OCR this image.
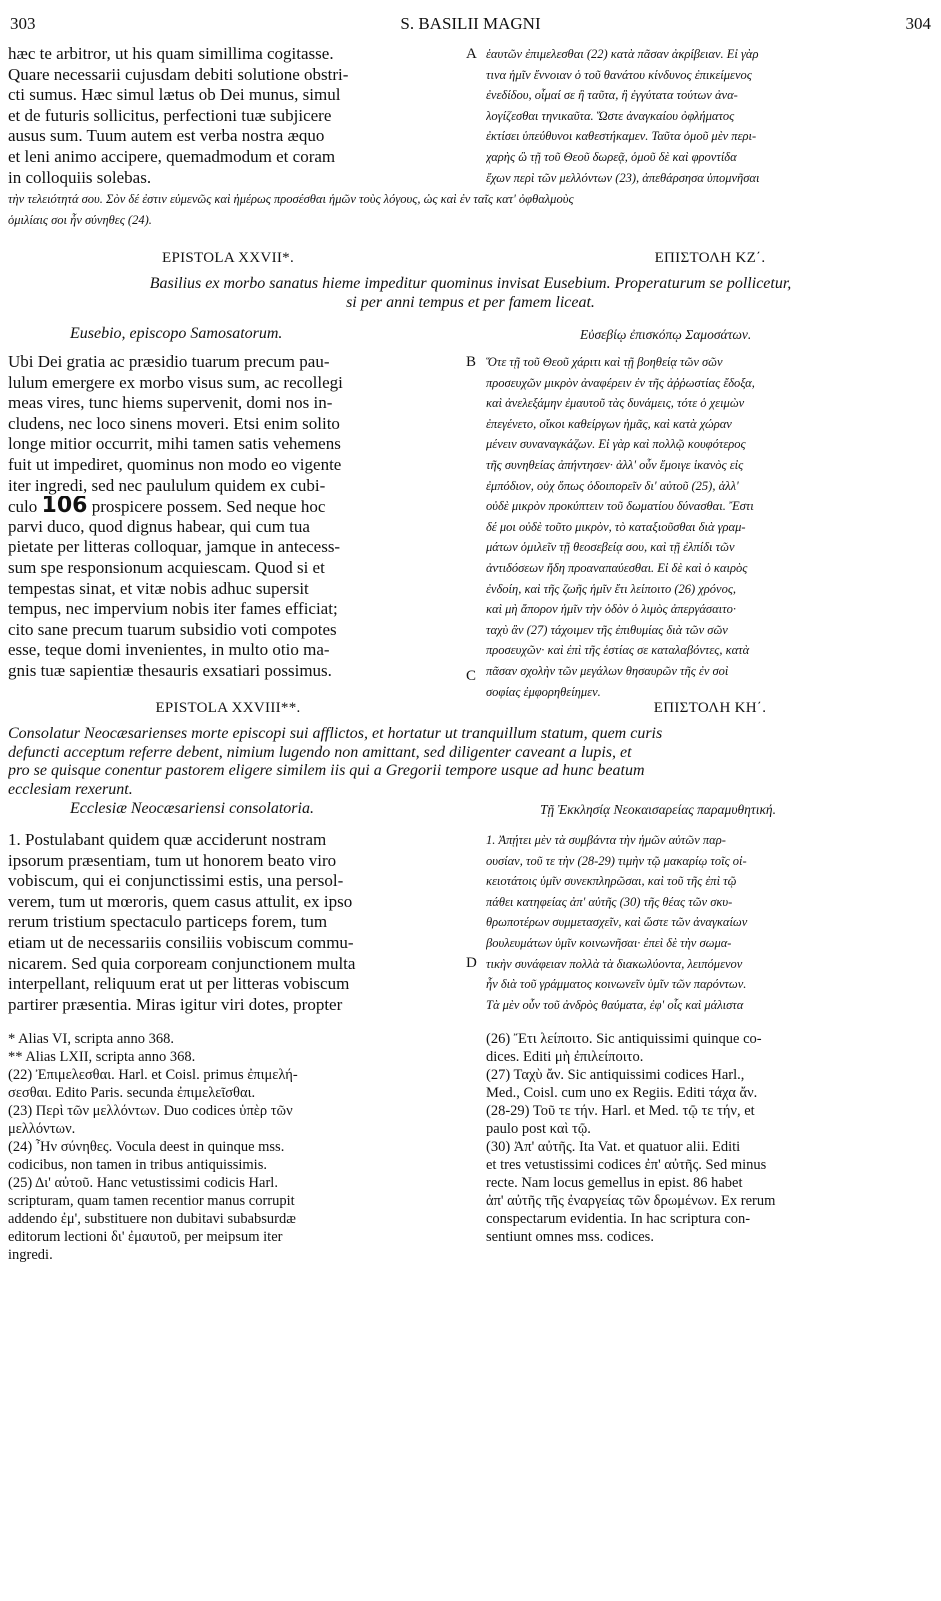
303	S. BASILII MAGNI	304
hæc te arbitror, ut his quam simillima cogitasse.
Quare necessarii cujusdam debiti solutione obstri-
cti sumus. Hæc simul lætus ob Dei munus, simul
et de futuris sollicitus, perfectioni tuæ subjicere
ausus sum. Tuum autem est verba nostra æquo
et leni animo accipere, quemadmodum et coram
in colloquiis solebas.
A ἑαυτῶν ἐπιμελεσθαι (22) κατὰ πᾶσαν ἀκρίβειαν. Εἰ γὰρ
τινα ἡμῖν ἔννοιαν ὁ τοῦ θανάτου κίνδυνος ἐπικείμενος
ἐνεδίδου, οἶμαί σε ἢ ταῦτα, ἢ ἐγγύτατα τούτων ἀνα-
λογίζεσθαι τηνικαῦτα. Ὥστε ἀναγκαίου ὀφλήματος
ἐκτίσει ὑπεύθυνοι καθεστήκαμεν. Ταῦτα ὁμοῦ μὲν περι-
χαρὴς ὢ τῇ τοῦ Θεοῦ δωρεᾷ, ὁμοῦ δὲ καὶ φροντίδα
ἔχων περὶ τῶν μελλόντων (23), ἀπεθάρσησα ὑπομνῆσαι
τὴν τελειότητά σου. Σὸν δέ ἐστιν εὐμενῶς καὶ ἡμέρως προσέσθαι ἡμῶν τοὺς λόγους, ὡς καὶ ἐν ταῖς κατ' ὀφθαλμοὺς
ὁμιλίαις σοι ἦν σύνηθες (24).
EPISTOLA XXVII*.	ΕΠΙΣΤΟΛΗ ΚΖ΄.
Basilius ex morbo sanatus hieme impeditur quominus invisat Eusebium. Properaturum se pollicetur,
si per anni tempus et per famem liceat.
Eusebio, episcopo Samosatorum.	Εὐσεβίῳ ἐπισκόπῳ Σαμοσάτων.
Ubi Dei gratia ac præsidio tuarum precum pau-
lulum emergere ex morbo visus sum, ac recollegi
meas vires, tunc hiems supervenit, domi nos in-
cludens, nec loco sinens moveri. Etsi enim solito
longe mitior occurrit, mihi tamen satis vehemens
fuit ut impediret, quominus non modo eo vigente
iter ingredi, sed nec paululum quidem ex cubi-
culo 106 prospicere possem. Sed neque hoc
parvi duco, quod dignus habear, qui cum tua
pietate per litteras colloquar, jamque in antecess-
sum spe responsionum acquiescam. Quod si et
tempestas sinat, et vitæ nobis adhuc supersit
tempus, nec impervium nobis iter fames efficiat;
cito sane precum tuarum subsidio voti compotes
esse, teque domi invenientes, in multo otio ma-
gnis tuæ sapientiæ thesauris exsatiari possimus.
B
C
Ὅτε τῇ τοῦ Θεοῦ χάριτι καὶ τῇ βοηθείᾳ τῶν σῶν
προσευχῶν μικρὸν ἀναφέρειν ἐν τῆς ἀῤῥωστίας ἔδοξα,
καὶ ἀνελεξάμην ἐμαυτοῦ τὰς δυνάμεις, τότε ὁ χειμὼν
ἐπεγένετο, οἴκοι καθείργων ἡμᾶς, καὶ κατὰ χώραν
μένειν συναναγκάζων. Εἰ γὰρ καὶ πολλῷ κουφότερος
τῆς συνηθείας ἀπήντησεν· ἀλλ' οὖν ἔμοιγε ἱκανὸς εἰς
ἐμπόδιον, οὐχ ὅπως ὁδοιπορεῖν δι' αὐτοῦ (25), ἀλλ'
οὐδὲ μικρὸν προκύπτειν τοῦ δωματίου δύνασθαι. Ἔστι
δέ μοι οὐδὲ τοῦτο μικρὸν, τὸ καταξιοῦσθαι διὰ γραμ-
μάτων ὁμιλεῖν τῇ θεοσεβείᾳ σου, καὶ τῇ ἐλπίδι τῶν
ἀντιδόσεων ἤδη προαναπαύεσθαι. Εἰ δὲ καὶ ὁ καιρὸς
ἐνδοίη, καὶ τῆς ζωῆς ἡμῖν ἔτι λείποιτο (26) χρόνος,
καὶ μὴ ἄπορον ἡμῖν τὴν ὁδὸν ὁ λιμὸς ἀπεργάσαιτο·
ταχὺ ἂν (27) τάχοιμεν τῆς ἐπιθυμίας διὰ τῶν σῶν
προσευχῶν· καὶ ἐπὶ τῆς ἑστίας σε καταλαβόντες, κατὰ
πᾶσαν σχολὴν τῶν μεγάλων θησαυρῶν τῆς ἐν σοὶ
σοφίας ἐμφορηθείημεν.
EPISTOLA XXVIII**.	ΕΠΙΣΤΟΛΗ ΚΗ΄.
Consolatur Neocæsarienses morte episcopi sui afflictos, et hortatur ut tranquillum statum, quem curis
defuncti acceptum referre debent, nimium lugendo non amittant, sed diligenter caveant a lupis, et
pro se quisque conentur pastorem eligere similem iis qui a Gregorii tempore usque ad hunc beatum
ecclesiam rexerunt.
Ecclesiæ Neocæsariensi consolatoria.	Τῇ Ἐκκλησίᾳ Νεοκαισαρείας παραμυθητική.
1. Postulabant quidem quæ acciderunt nostram
ipsorum præsentiam, tum ut honorem beato viro
vobiscum, qui ei conjunctissimi estis, una persol-
verem, tum ut mœroris, quem casus attulit, ex ipso
rerum tristium spectaculo particeps forem, tum
etiam ut de necessariis consiliis vobiscum commu-
nicarem. Sed quia corpoream conjunctionem multa
interpellant, reliquum erat ut per litteras vobiscum
partirer præsentia. Miras igitur viri dotes, propter
D
1. Ἀπῄτει μὲν τὰ συμβάντα τὴν ἡμῶν αὐτῶν παρ-
ουσίαν, τοῦ τε τὴν (28-29) τιμὴν τῷ μακαρίῳ τοῖς οἰ-
κειοτάτοις ὑμῖν συνεκπληρῶσαι, καὶ τοῦ τῆς ἐπὶ τῷ
πάθει κατηφείας ἀπ' αὐτῆς (30) τῆς θέας τῶν σκυ-
θρωποτέρων συμμετασχεῖν, καὶ ὥστε τῶν ἀναγκαίων
βουλευμάτων ὑμῖν κοινωνῆσαι· ἐπεὶ δὲ τὴν σωμα-
τικὴν συνάφειαν πολλὰ τὰ διακωλύοντα, λειπόμενον
ἦν διὰ τοῦ γράμματος κοινωνεῖν ὑμῖν τῶν παρόντων.
Τὰ μὲν οὖν τοῦ ἀνδρὸς θαύματα, ἐφ' οἷς καὶ μάλιστα
* Alias VI, scripta anno 368.
** Alias LXII, scripta anno 368.
(22) Ἐπιμελεσθαι. Harl. et Coisl. primus ἐπιμελή-
σεσθαι. Edito Paris. secunda ἐπιμελεῖσθαι.
(23) Περὶ τῶν μελλόντων. Duo codices ὑπὲρ τῶν
μελλόντων.
(24) Ἦν σύνηθες. Vocula deest in quinque mss.
codicibus, non tamen in tribus antiquissimis.
(25) Δι' αὐτοῦ. Hanc vetustissimi codicis Harl.
scripturam, quam tamen recentior manus corrupit
addendo ἐμ', substituere non dubitavi subabsurdæ
editorum lectioni δι' ἐμαυτοῦ, per meipsum iter
ingredi.
(26) Ἔτι λείποιτο. Sic antiquissimi quinque co-
dices. Editi μὴ ἐπιλείποιτο.
(27) Ταχὺ ἄν. Sic antiquissimi codices Harl.,
Med., Coisl. cum uno ex Regiis. Editi τάχα ἄν.
(28-29) Τοῦ τε τήν. Harl. et Med. τῷ τε τήν, et
paulo post καὶ τῷ.
(30) Ἀπ' αὐτῆς. Ita Vat. et quatuor alii. Editi
et tres vetustissimi codices ἐπ' αὐτῆς. Sed minus
recte. Nam locus gemellus in epist. 86 habet
ἀπ' αὐτῆς τῆς ἐναργείας τῶν δρωμένων. Ex rerum
conspectarum evidentia. In hac scriptura con-
sentiunt omnes mss. codices.
